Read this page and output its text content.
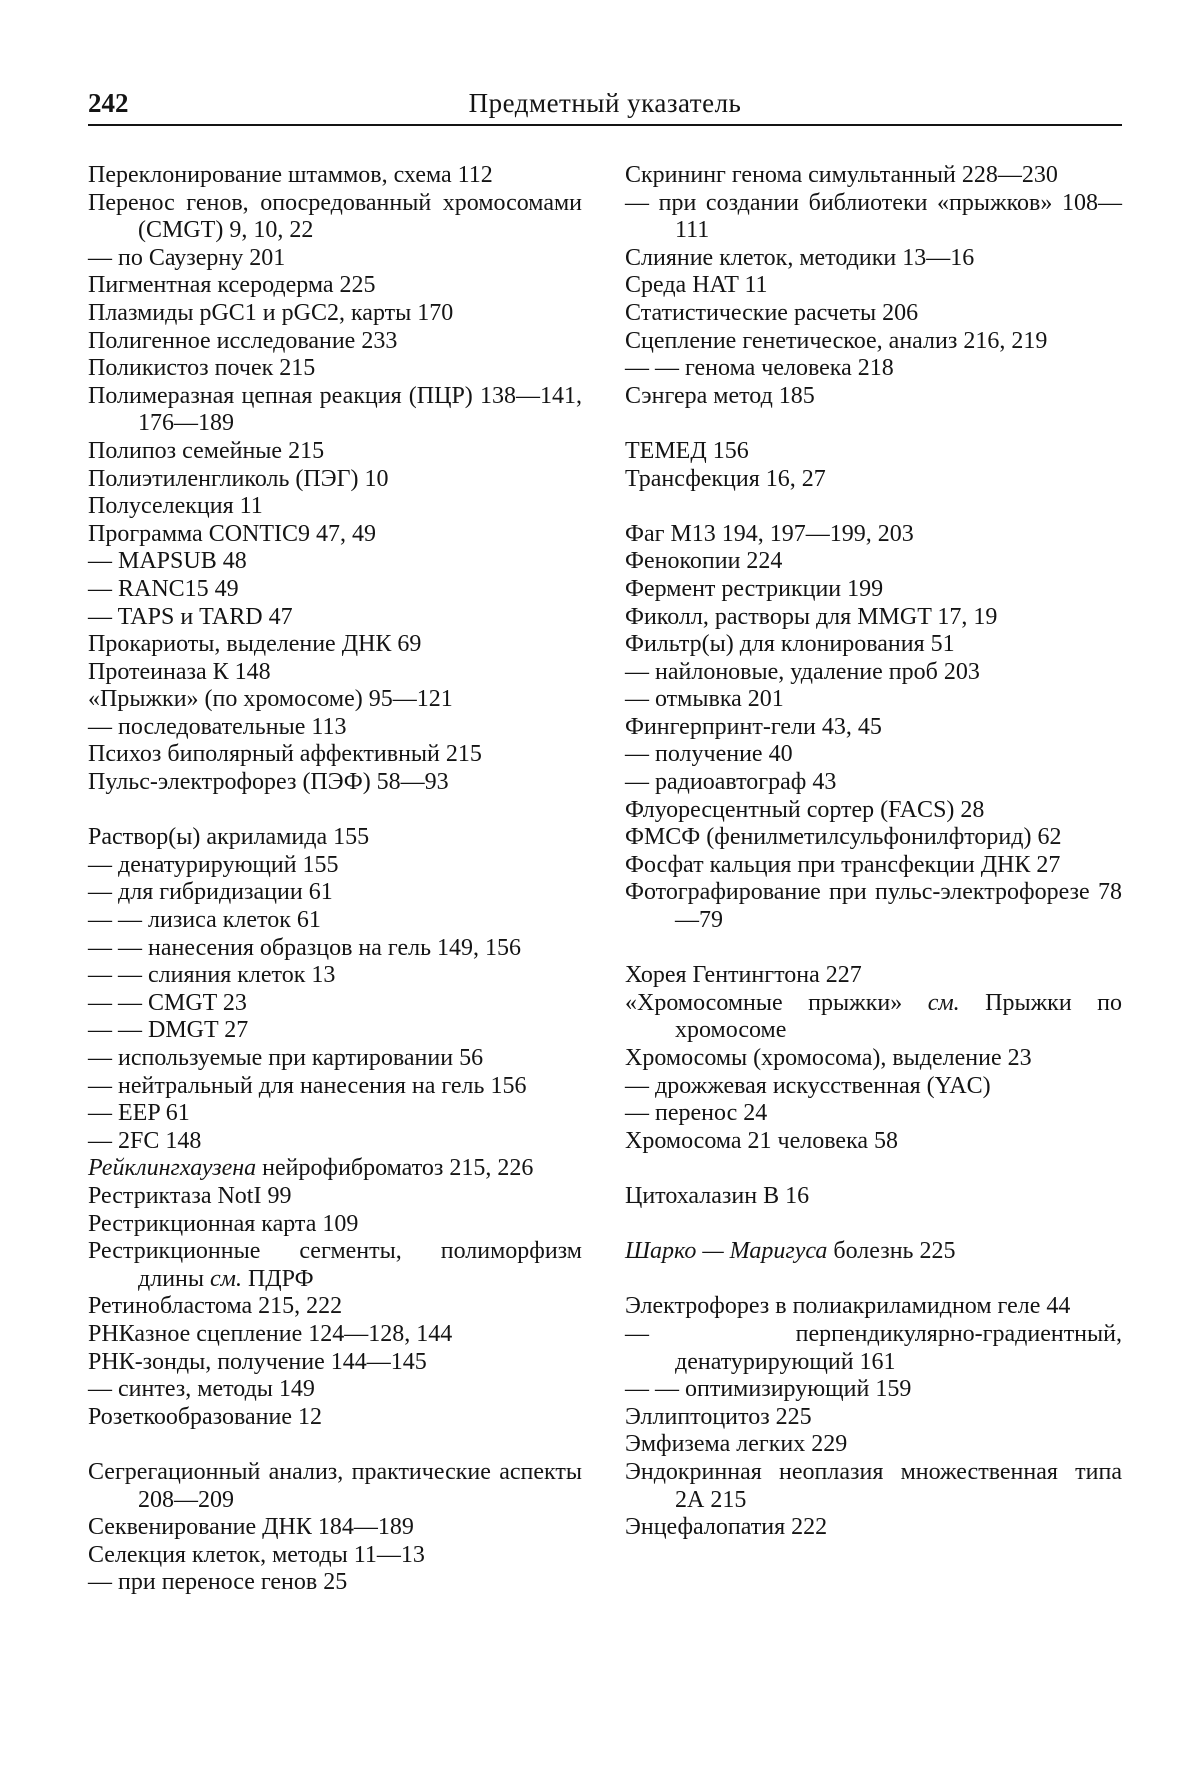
242	Предметный указатель

Переклонирование штаммов, схема 112

Перенос генов, опосредованный хромосомами (CMGT) 9, 10, 22

— по Саузерну 201

Пигментная ксеродерма 225

Плазмиды pGC1 и pGC2, карты 170

Полигенное исследование 233

Поликистоз почек 215

Полимеразная цепная реакция (ПЦР) 138—141, 176—189

Полипоз семейные 215

Полиэтиленгликоль (ПЭГ) 10

Полуселекция 11

Программа CONTIC9 47, 49

— MAPSUB 48

— RANC15 49

— TAPS и TARD 47

Прокариоты, выделение ДНК 69

Протеиназа К 148

«Прыжки» (по хромосоме) 95—121

— последовательные 113

Психоз биполярный аффективный 215

Пульс-электрофорез (ПЭФ) 58—93

Раствор(ы) акриламида 155

— денатурирующий 155

— для гибридизации 61

— — лизиса клеток 61

— — нанесения образцов на гель 149, 156

— — слияния клеток 13

— — CMGT 23

— — DMGT 27

— используемые при картировании 56

— нейтральный для нанесения на гель 156

— EEP 61

— 2FC 148

Рейклингхаузена нейрофиброматоз 215, 226

Рестриктаза NotI 99

Рестрикционная карта 109

Рестрикционные сегменты, полиморфизм длины см. ПДРФ

Ретинобластома 215, 222

РНКазное сцепление 124—128, 144

РНК-зонды, получение 144—145

— синтез, методы 149

Розеткообразование 12

Сегрегационный анализ, практические аспекты 208—209

Секвенирование ДНК 184—189

Селекция клеток, методы 11—13

— при переносе генов 25

Скрининг генома симультанный 228—230

— при создании библиотеки «прыжков» 108—111

Слияние клеток, методики 13—16

Среда HAT 11

Статистические расчеты 206

Сцепление генетическое, анализ 216, 219

— — генома человека 218

Сэнгера метод 185

ТЕМЕД 156

Трансфекция 16, 27

Фаг M13 194, 197—199, 203

Фенокопии 224

Фермент рестрикции 199

Фиколл, растворы для MMGT 17, 19

Фильтр(ы) для клонирования 51

— найлоновые, удаление проб 203

— отмывка 201

Фингерпринт-гели 43, 45

— получение 40

— радиоавтограф 43

Флуоресцентный сортер (FACS) 28

ФМСФ (фенилметилсульфонилфторид) 62

Фосфат кальция при трансфекции ДНК 27

Фотографирование при пульс-электрофорезе 78—79

Хорея Гентингтона 227

«Хромосомные прыжки» см. Прыжки по хромосоме

Хромосомы (хромосома), выделение 23

— дрожжевая искусственная (YAC)

— перенос 24

Хромосома 21 человека 58

Цитохалазин В 16

Шарко — Маригуса болезнь 225

Электрофорез в полиакриламидном геле 44

— перпендикулярно-градиентный, денатурирующий 161

— — оптимизирующий 159

Эллиптоцитоз 225

Эмфизема легких 229

Эндокринная неоплазия множественная типа 2А 215

Энцефалопатия 222
